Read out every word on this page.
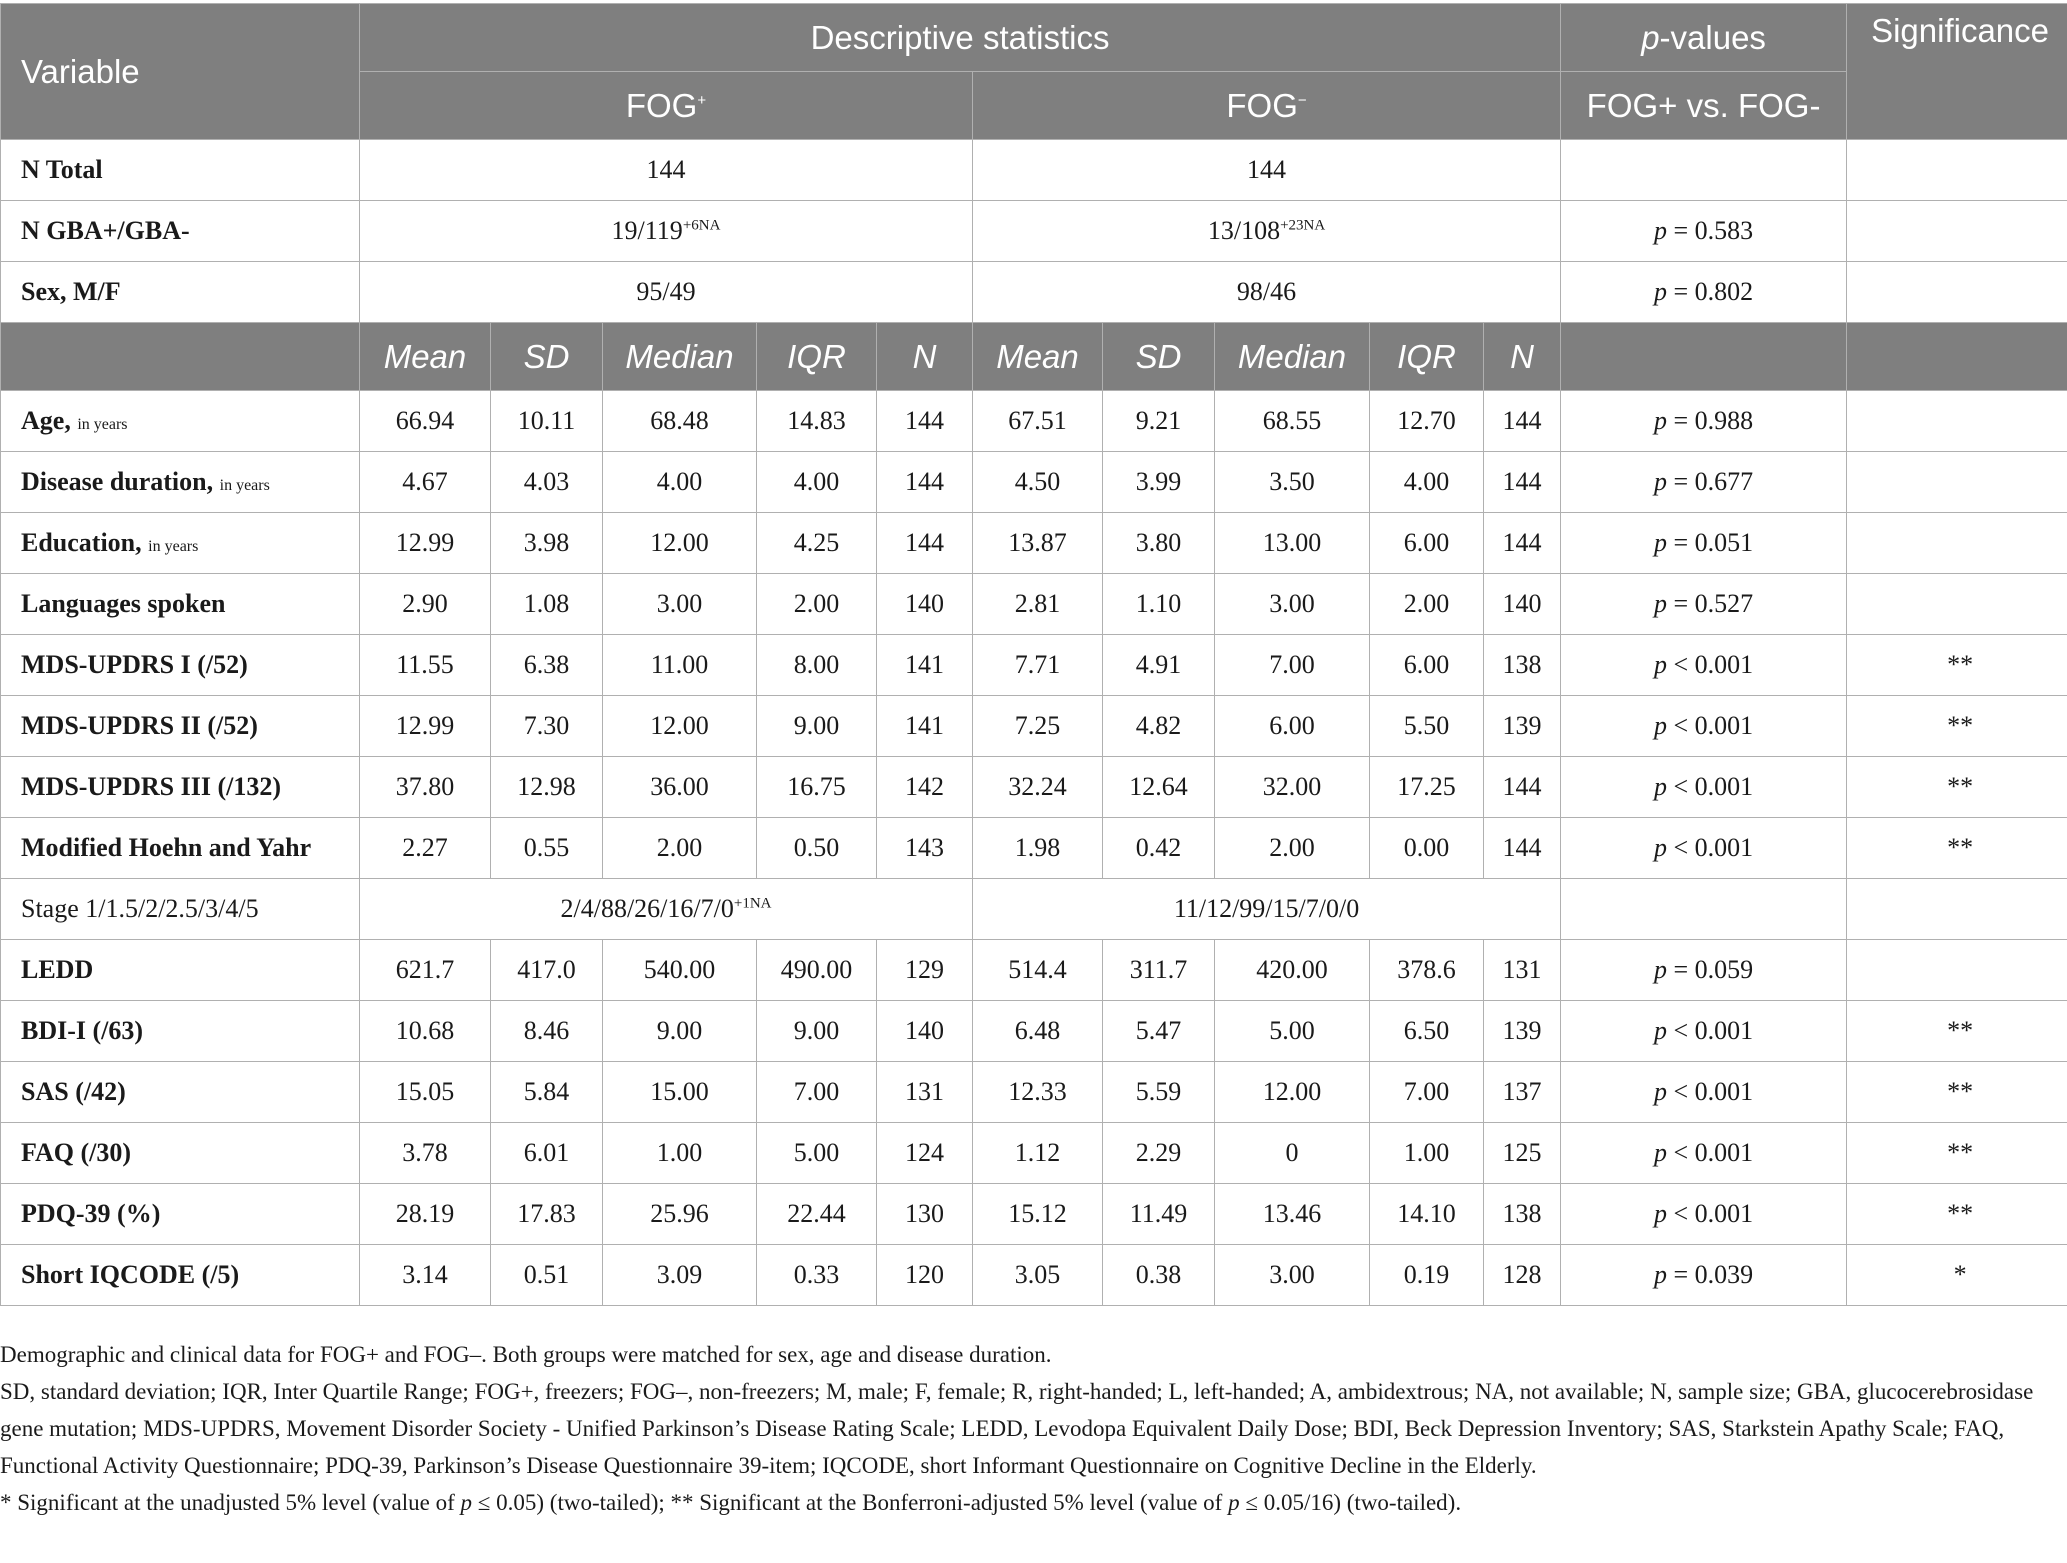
Variable	Descriptive statistics										p-values	Significance
	FOG+					FOG−					FOG+ vs. FOG-	
N Total	144					144						
N GBA+/GBA-	$19/119^{+6NA}$					$13/108^{+23NA}$					p = 0.583	
Sex, M/F	95/49					98/46					p = 0.802	
	Mean	SD	Median	IQR	N	Mean	SD	Median	IQR	N		
Age, in years	66.94	10.11	68.48	14.83	144	67.51	9.21	68.55	12.70	144	p = 0.988	
Disease duration, in years	4.67	4.03	4.00	4.00	144	4.50	3.99	3.50	4.00	144	p = 0.677	
Education, in years	12.99	3.98	12.00	4.25	144	13.87	3.80	13.00	6.00	144	p = 0.051	
Languages spoken	2.90	1.08	3.00	2.00	140	2.81	1.10	3.00	2.00	140	p = 0.527	
MDS-UPDRS I (/52)	11.55	6.38	11.00	8.00	141	7.71	4.91	7.00	6.00	138	p < 0.001	**
MDS-UPDRS II (/52)	12.99	7.30	12.00	9.00	141	7.25	4.82	6.00	5.50	139	p < 0.001	**
MDS-UPDRS III (/132)	37.80	12.98	36.00	16.75	142	32.24	12.64	32.00	17.25	144	p < 0.001	**
Modified Hoehn and Yahr	2.27	0.55	2.00	0.50	143	1.98	0.42	2.00	0.00	144	p < 0.001	**
Stage 1/1.5/2/2.5/3/4/5	$2/4/88/26/16/7/0^{+1NA}$					11/12/99/15/7/0/0						
LEDD	621.7	417.0	540.00	490.00	129	514.4	311.7	420.00	378.6	131	p = 0.059	
BDI-I (/63)	10.68	8.46	9.00	9.00	140	6.48	5.47	5.00	6.50	139	p < 0.001	**
SAS (/42)	15.05	5.84	15.00	7.00	131	12.33	5.59	12.00	7.00	137	p < 0.001	**
FAQ (/30)	3.78	6.01	1.00	5.00	124	1.12	2.29	0	1.00	125	p < 0.001	**
PDQ-39 (%)	28.19	17.83	25.96	22.44	130	15.12	11.49	13.46	14.10	138	p < 0.001	**
Short IQCODE (/5)	3.14	0.51	3.09	0.33	120	3.05	0.38	3.00	0.19	128	p = 0.039	*

Demographic and clinical data for FOG+ and FOG–. Both groups were matched for sex, age and disease duration.

SD, standard deviation; IQR, Inter Quartile Range; FOG+, freezers; FOG–, non-freezers; M, male; F, female; R, right-handed; L, left-handed; A, ambidextrous; NA, not available; N, sample size; GBA, glucocerebrosidase gene mutation; MDS-UPDRS, Movement Disorder Society - Unified Parkinson’s Disease Rating Scale; LEDD, Levodopa Equivalent Daily Dose; BDI, Beck Depression Inventory; SAS, Starkstein Apathy Scale; FAQ, Functional Activity Questionnaire; PDQ-39, Parkinson’s Disease Questionnaire 39-item; IQCODE, short Informant Questionnaire on Cognitive Decline in the Elderly.

* Significant at the unadjusted 5% level (value of p ≤ 0.05) (two-tailed); ** Significant at the Bonferroni-adjusted 5% level (value of p ≤ 0.05/16) (two-tailed).
